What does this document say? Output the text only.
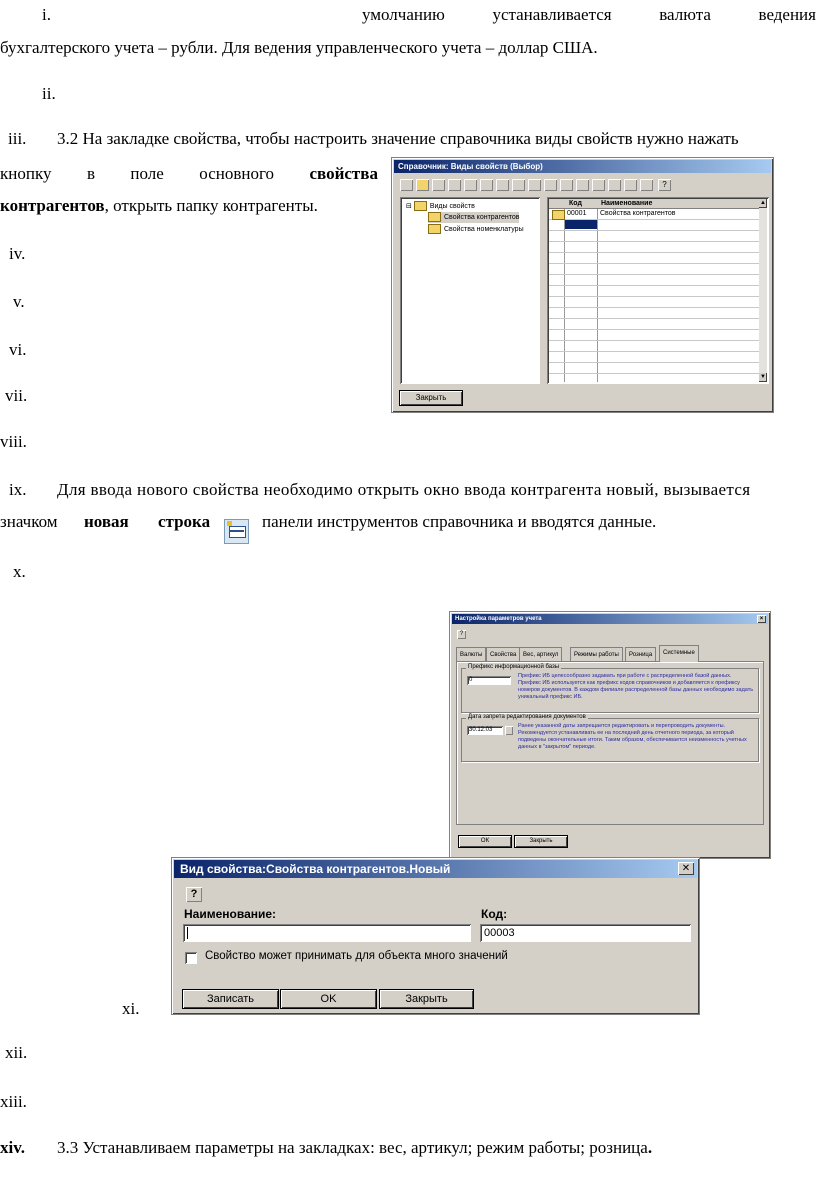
i.	умолчанию	устанавливается	валюта	ведения
бухгалтерского учета – рубли. Для ведения управленческого учета – доллар США.
ii.
iii. 3.2 На закладке свойства, чтобы настроить значение справочника виды свойств нужно нажать
кнопку в поле основного свойства
контрагентов, открыть папку контрагенты.
iv.
v.
vi.
vii.
viii.
Справочник: Виды свойств (Выбор)
?
⊟ Виды свойств
Свойства контрагентов
Свойства номенклатуры
Код	Наименование
00001 Свойства контрагентов
▲
▼
Закрыть
ix. Для ввода нового свойства необходимо открыть окно ввода контрагента новый, вызывается
значком новая строка	панели инструментов справочника и вводятся данные.
x.
Настройка параметров учета	×
?
Валюты	Свойства	Вес, артикул	Режимы работы	Розница	Системные
Префикс информационной базы
0
Префикс ИБ целесообразно задавать при работе с распределенной базой данных. Префикс ИБ используется как префикс кодов справочников и добавляется к префиксу номеров документов. В каждом филиале распределенной базы данных необходимо задать уникальный префикс ИБ.
Дата запрета редактирования документов
30.12.03
Ранее указанной даты запрещается редактировать и перепроводить документы. Рекомендуется устанавливать ее на последний день отчетного периода, за который подведены окончательные итоги. Таким образом, обеспечивается неизменность учетных данных в "закрытом" периоде.
ОК	Закрыть
Вид свойства:Свойства контрагентов.Новый	✕
?
Наименование:	Код:
00003
Свойство может принимать для объекта много значений
Записать	OK	Закрыть
xi.
xii.
xiii.
xiv. 3.3 Устанавливаем параметры на закладках: вес, артикул; режим работы; розница.
